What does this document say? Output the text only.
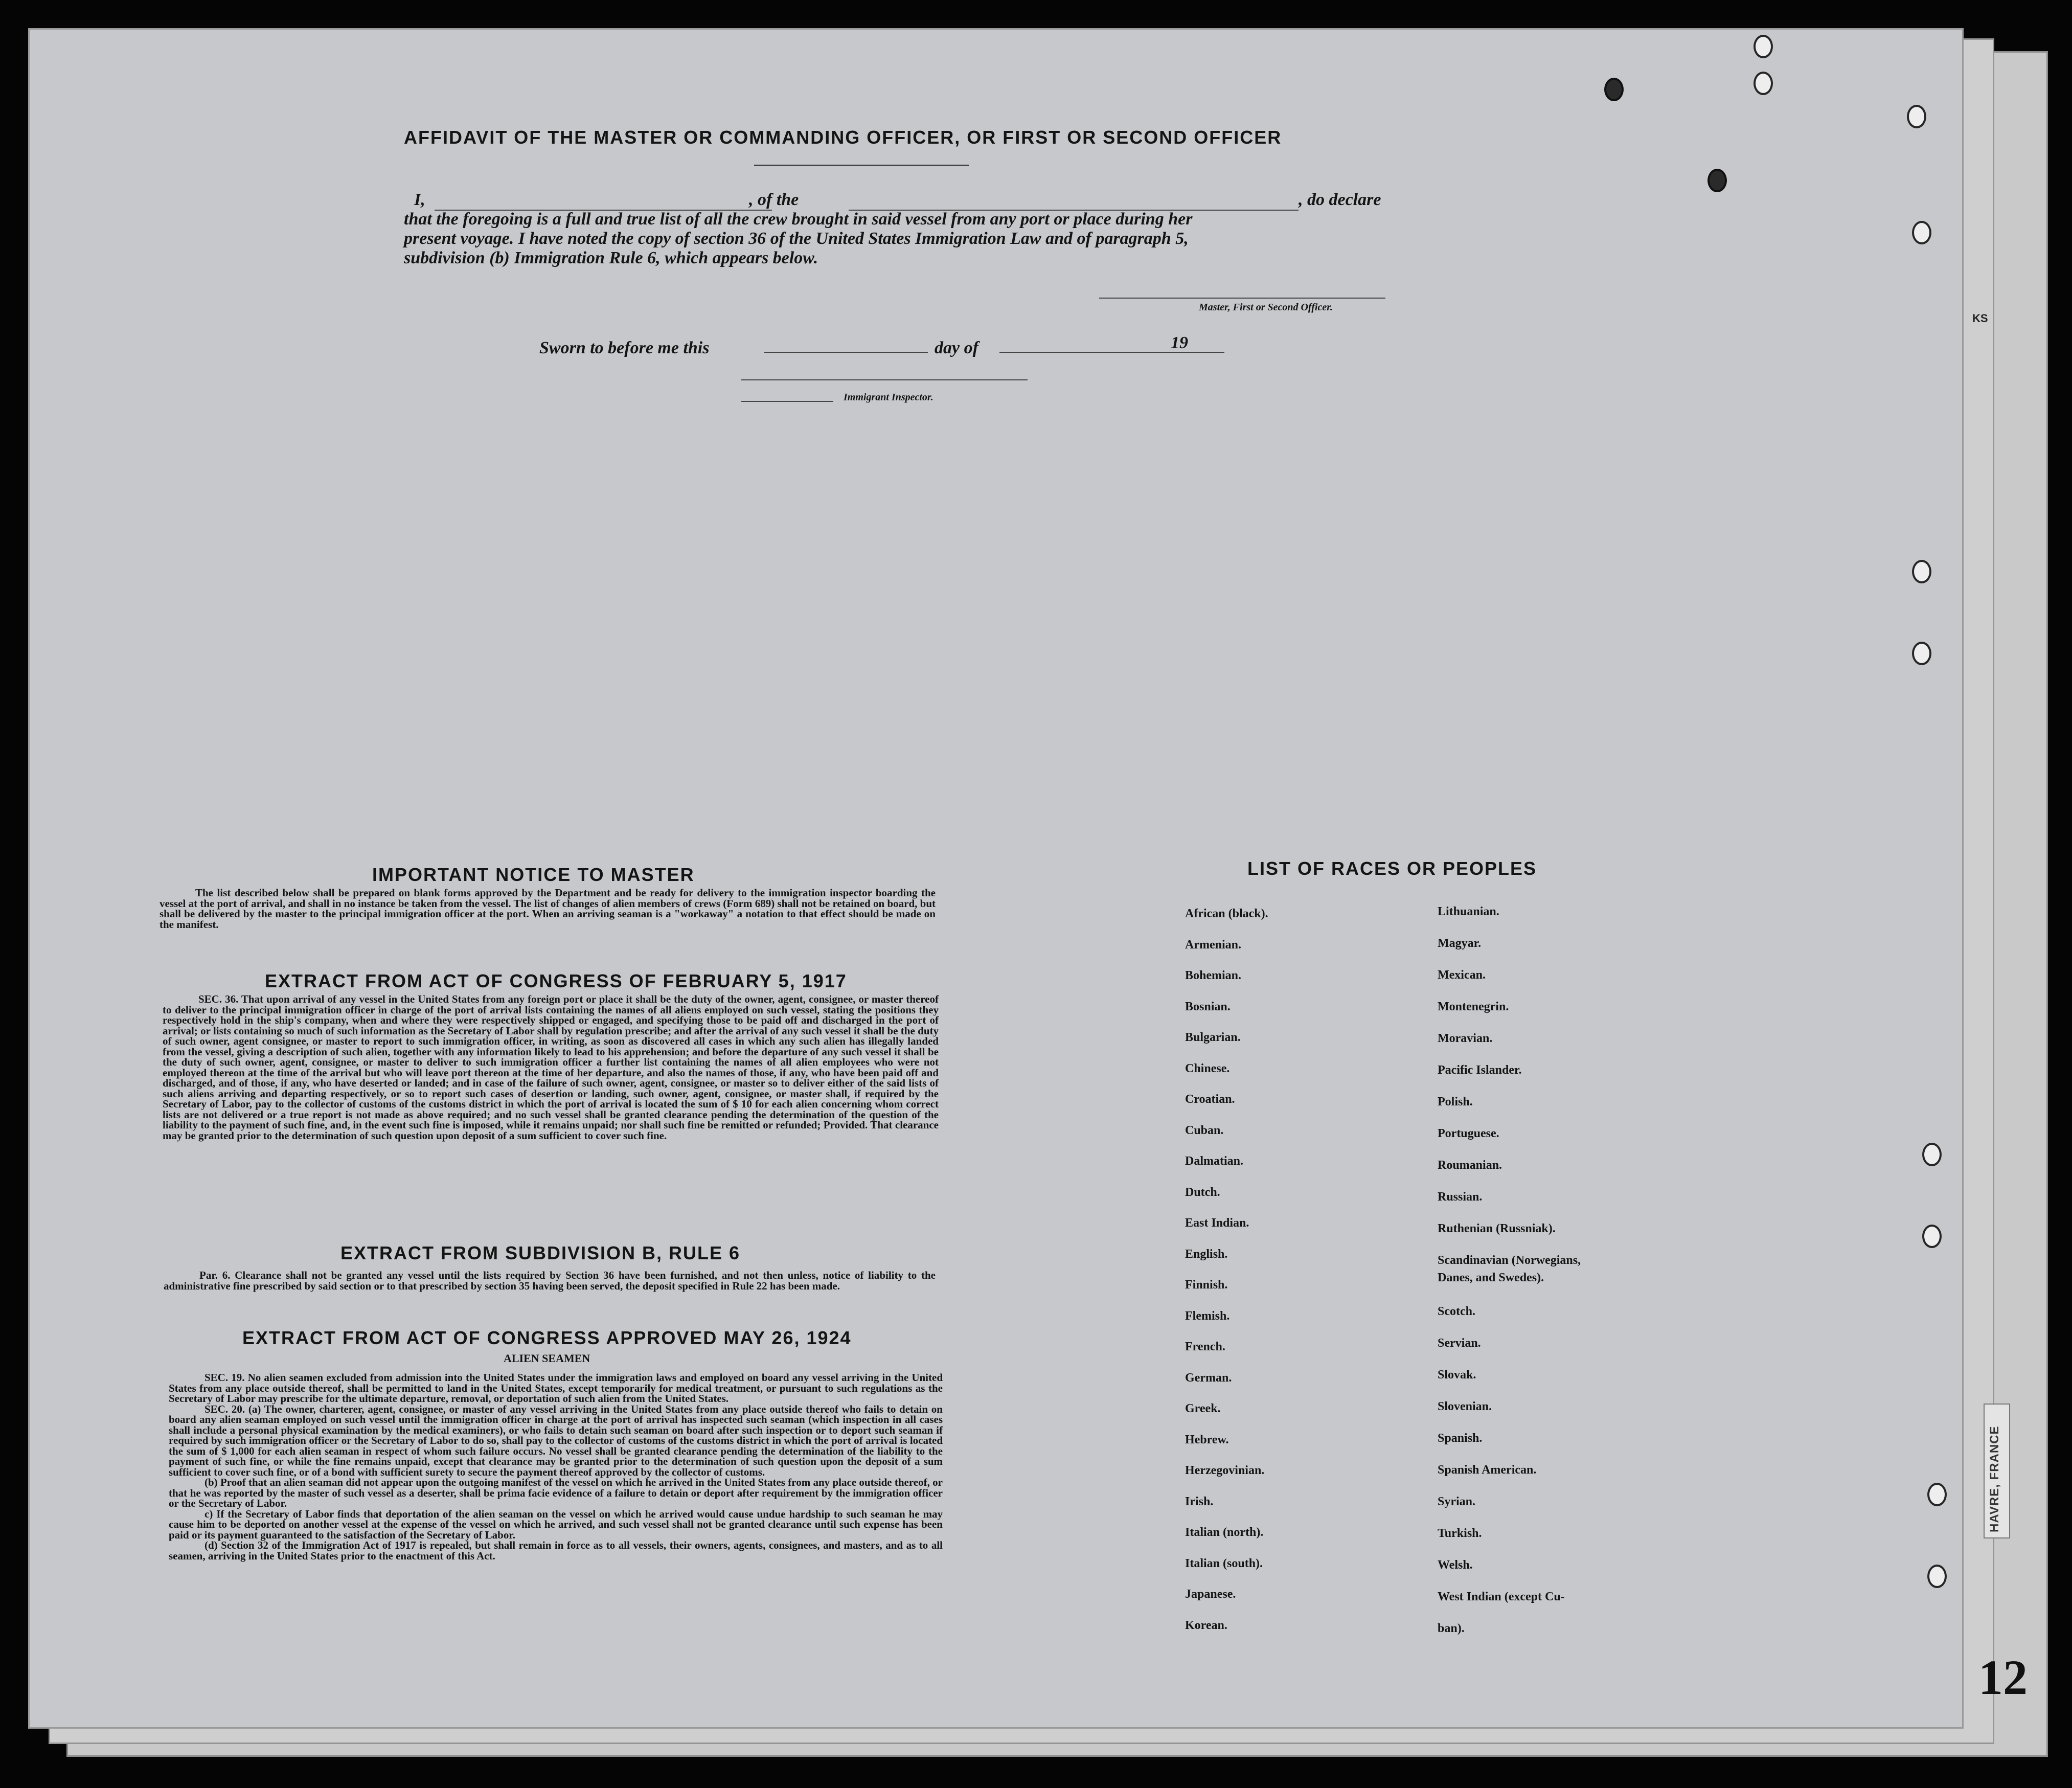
AFFIDAVIT OF THE MASTER OR COMMANDING OFFICER, OR FIRST OR SECOND OFFICER
I,	, of the	, do declare
that the foregoing is a full and true list of all the crew brought in said vessel from any port or place during her
present voyage. I have noted the copy of section 36 of the United States Immigration Law and of paragraph 5,
subdivision (b) Immigration Rule 6, which appears below.
Master, First or Second Officer.
Sworn to before me this	day of	19
Immigrant Inspector.
IMPORTANT NOTICE TO MASTER

The list described below shall be prepared on blank forms approved by the Department and be ready for delivery to the immigration inspector boarding the vessel at the port of arrival, and shall in no instance be taken from the vessel. The list of changes of alien members of crews (Form 689) shall not be retained on board, but shall be delivered by the master to the principal immigration officer at the port. When an arriving seaman is a "workaway" a notation to that effect should be made on the manifest.

EXTRACT FROM ACT OF CONGRESS OF FEBRUARY 5, 1917

SEC. 36. That upon arrival of any vessel in the United States from any foreign port or place it shall be the duty of the owner, agent, consignee, or master thereof to deliver to the principal immigration officer in charge of the port of arrival lists containing the names of all aliens employed on such vessel, stating the positions they respectively hold in the ship's company, when and where they were respectively shipped or engaged, and specifying those to be paid off and discharged in the port of arrival; or lists containing so much of such information as the Secretary of Labor shall by regulation prescribe; and after the arrival of any such vessel it shall be the duty of such owner, agent consignee, or master to report to such immigration officer, in writing, as soon as discovered all cases in which any such alien has illegally landed from the vessel, giving a description of such alien, together with any information likely to lead to his apprehension; and before the departure of any such vessel it shall be the duty of such owner, agent, consignee, or master to deliver to such immigration officer a further list containing the names of all alien employees who were not employed thereon at the time of the arrival but who will leave port thereon at the time of her departure, and also the names of those, if any, who have been paid off and discharged, and of those, if any, who have deserted or landed; and in case of the failure of such owner, agent, consignee, or master so to deliver either of the said lists of such aliens arriving and departing respectively, or so to report such cases of desertion or landing, such owner, agent, consignee, or master shall, if required by the Secretary of Labor, pay to the collector of customs of the customs district in which the port of arrival is located the sum of $ 10 for each alien concerning whom correct lists are not delivered or a true report is not made as above required; and no such vessel shall be granted clearance pending the determination of the question of the liability to the payment of such fine, and, in the event such fine is imposed, while it remains unpaid; nor shall such fine be remitted or refunded; Provided. That clearance may be granted prior to the determination of such question upon deposit of a sum sufficient to cover such fine.

EXTRACT FROM SUBDIVISION B, RULE 6

Par. 6. Clearance shall not be granted any vessel until the lists required by Section 36 have been furnished, and not then unless, notice of liability to the administrative fine prescribed by said section or to that prescribed by section 35 having been served, the deposit specified in Rule 22 has been made.

EXTRACT FROM ACT OF CONGRESS APPROVED MAY 26, 1924
ALIEN SEAMEN

SEC. 19. No alien seamen excluded from admission into the United States under the immigration laws and employed on board any vessel arriving in the United States from any place outside thereof, shall be permitted to land in the United States, except temporarily for medical treatment, or pursuant to such regulations as the Secretary of Labor may prescribe for the ultimate departure, removal, or deportation of such alien from the United States.

SEC. 20. (a) The owner, charterer, agent, consignee, or master of any vessel arriving in the United States from any place outside thereof who fails to detain on board any alien seaman employed on such vessel until the immigration officer in charge at the port of arrival has inspected such seaman (which inspection in all cases shall include a personal physical examination by the medical examiners), or who fails to detain such seaman on board after such inspection or to deport such seaman if required by such immigration officer or the Secretary of Labor to do so, shall pay to the collector of customs of the customs district in which the port of arrival is located the sum of $ 1,000 for each alien seaman in respect of whom such failure occurs. No vessel shall be granted clearance pending the determination of the liability to the payment of such fine, or while the fine remains unpaid, except that clearance may be granted prior to the determination of such question upon the deposit of a sum sufficient to cover such fine, or of a bond with sufficient surety to secure the payment thereof approved by the collector of customs.

(b) Proof that an alien seaman did not appear upon the outgoing manifest of the vessel on which he arrived in the United States from any place outside thereof, or that he was reported by the master of such vessel as a deserter, shall be prima facie evidence of a failure to detain or deport after requirement by the immigration officer or the Secretary of Labor.

c) If the Secretary of Labor finds that deportation of the alien seaman on the vessel on which he arrived would cause undue hardship to such seaman he may cause him to be deported on another vessel at the expense of the vessel on which he arrived, and such vessel shall not be granted clearance until such expense has been paid or its payment guaranteed to the satisfaction of the Secretary of Labor.

(d) Section 32 of the Immigration Act of 1917 is repealed, but shall remain in force as to all vessels, their owners, agents, consignees, and masters, and as to all seamen, arriving in the United States prior to the enactment of this Act.

LIST OF RACES OR PEOPLES
African (black).
Armenian.
Bohemian.
Bosnian.
Bulgarian.
Chinese.
Croatian.
Cuban.
Dalmatian.
Dutch.
East Indian.
English.
Finnish.
Flemish.
French.
German.
Greek.
Hebrew.
Herzegovinian.
Irish.
Italian (north).
Italian (south).
Japanese.
Korean.
Lithuanian.
Magyar.
Mexican.
Montenegrin.
Moravian.
Pacific Islander.
Polish.
Portuguese.
Roumanian.
Russian.
Ruthenian (Russniak).
Scandinavian (Norwegians,
Danes, and Swedes).
Scotch.
Servian.
Slovak.
Slovenian.
Spanish.
Spanish American.
Syrian.
Turkish.
Welsh.
West Indian (except Cu-
ban).
KS
HAVRE, FRANCE
12
